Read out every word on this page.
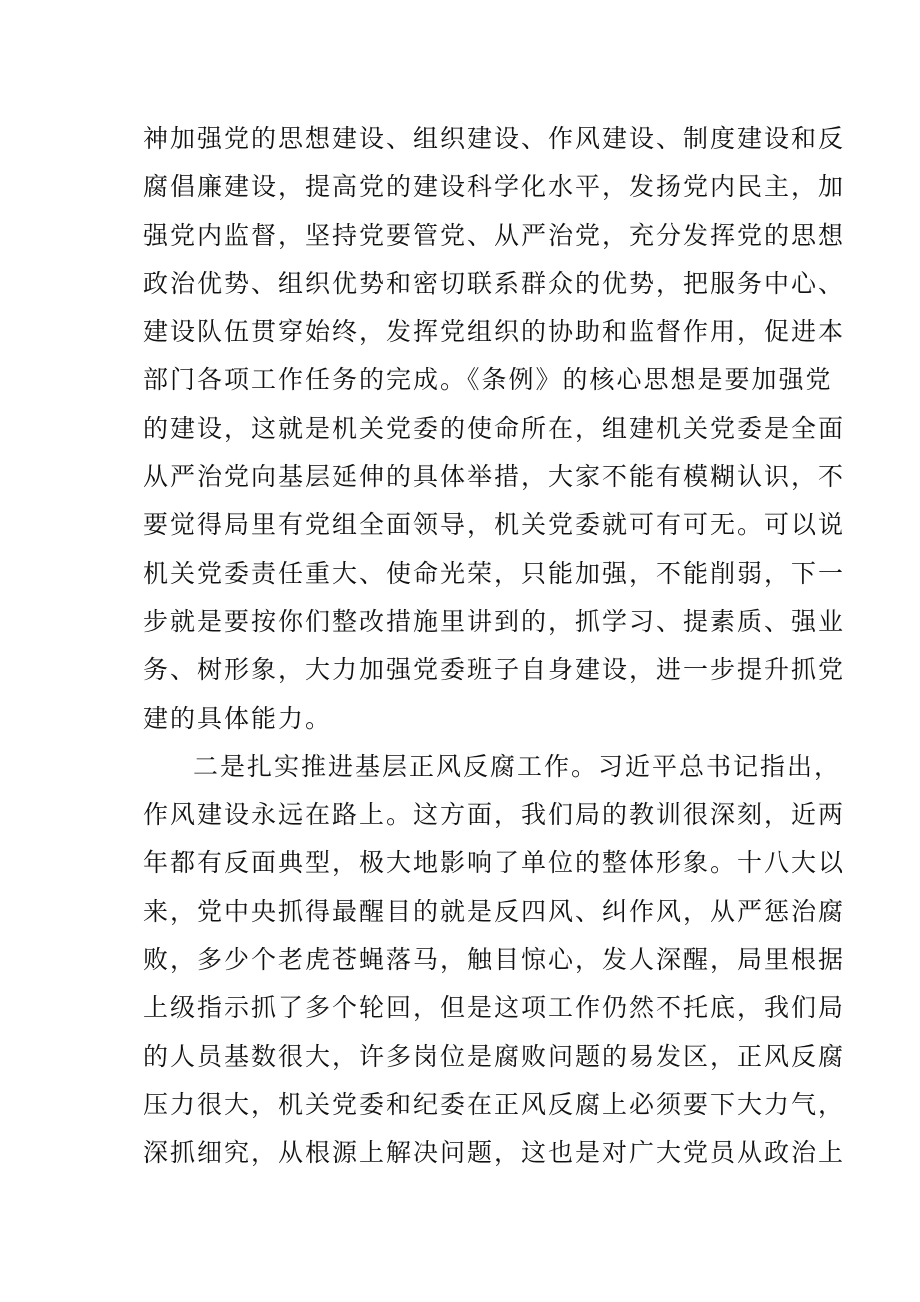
神加强党的思想建设、组织建设、作风建设、制度建设和反
腐倡廉建设，提高党的建设科学化水平，发扬党内民主，加
强党内监督，坚持党要管党、从严治党，充分发挥党的思想
政治优势、组织优势和密切联系群众的优势，把服务中心、
建设队伍贯穿始终，发挥党组织的协助和监督作用，促进本
部门各项工作任务的完成。《条例》的核心思想是要加强党
的建设，这就是机关党委的使命所在，组建机关党委是全面
从严治党向基层延伸的具体举措，大家不能有模糊认识，不
要觉得局里有党组全面领导，机关党委就可有可无。可以说
机关党委责任重大、使命光荣，只能加强，不能削弱，下一
步就是要按你们整改措施里讲到的，抓学习、提素质、强业
务、树形象，大力加强党委班子自身建设，进一步提升抓党
建的具体能力。
二是扎实推进基层正风反腐工作。习近平总书记指出，
作风建设永远在路上。这方面，我们局的教训很深刻，近两
年都有反面典型，极大地影响了单位的整体形象。十八大以
来，党中央抓得最醒目的就是反四风、纠作风，从严惩治腐
败，多少个老虎苍蝇落马，触目惊心，发人深醒，局里根据
上级指示抓了多个轮回，但是这项工作仍然不托底，我们局
的人员基数很大，许多岗位是腐败问题的易发区，正风反腐
压力很大，机关党委和纪委在正风反腐上必须要下大力气，
深抓细究，从根源上解决问题，这也是对广大党员从政治上
